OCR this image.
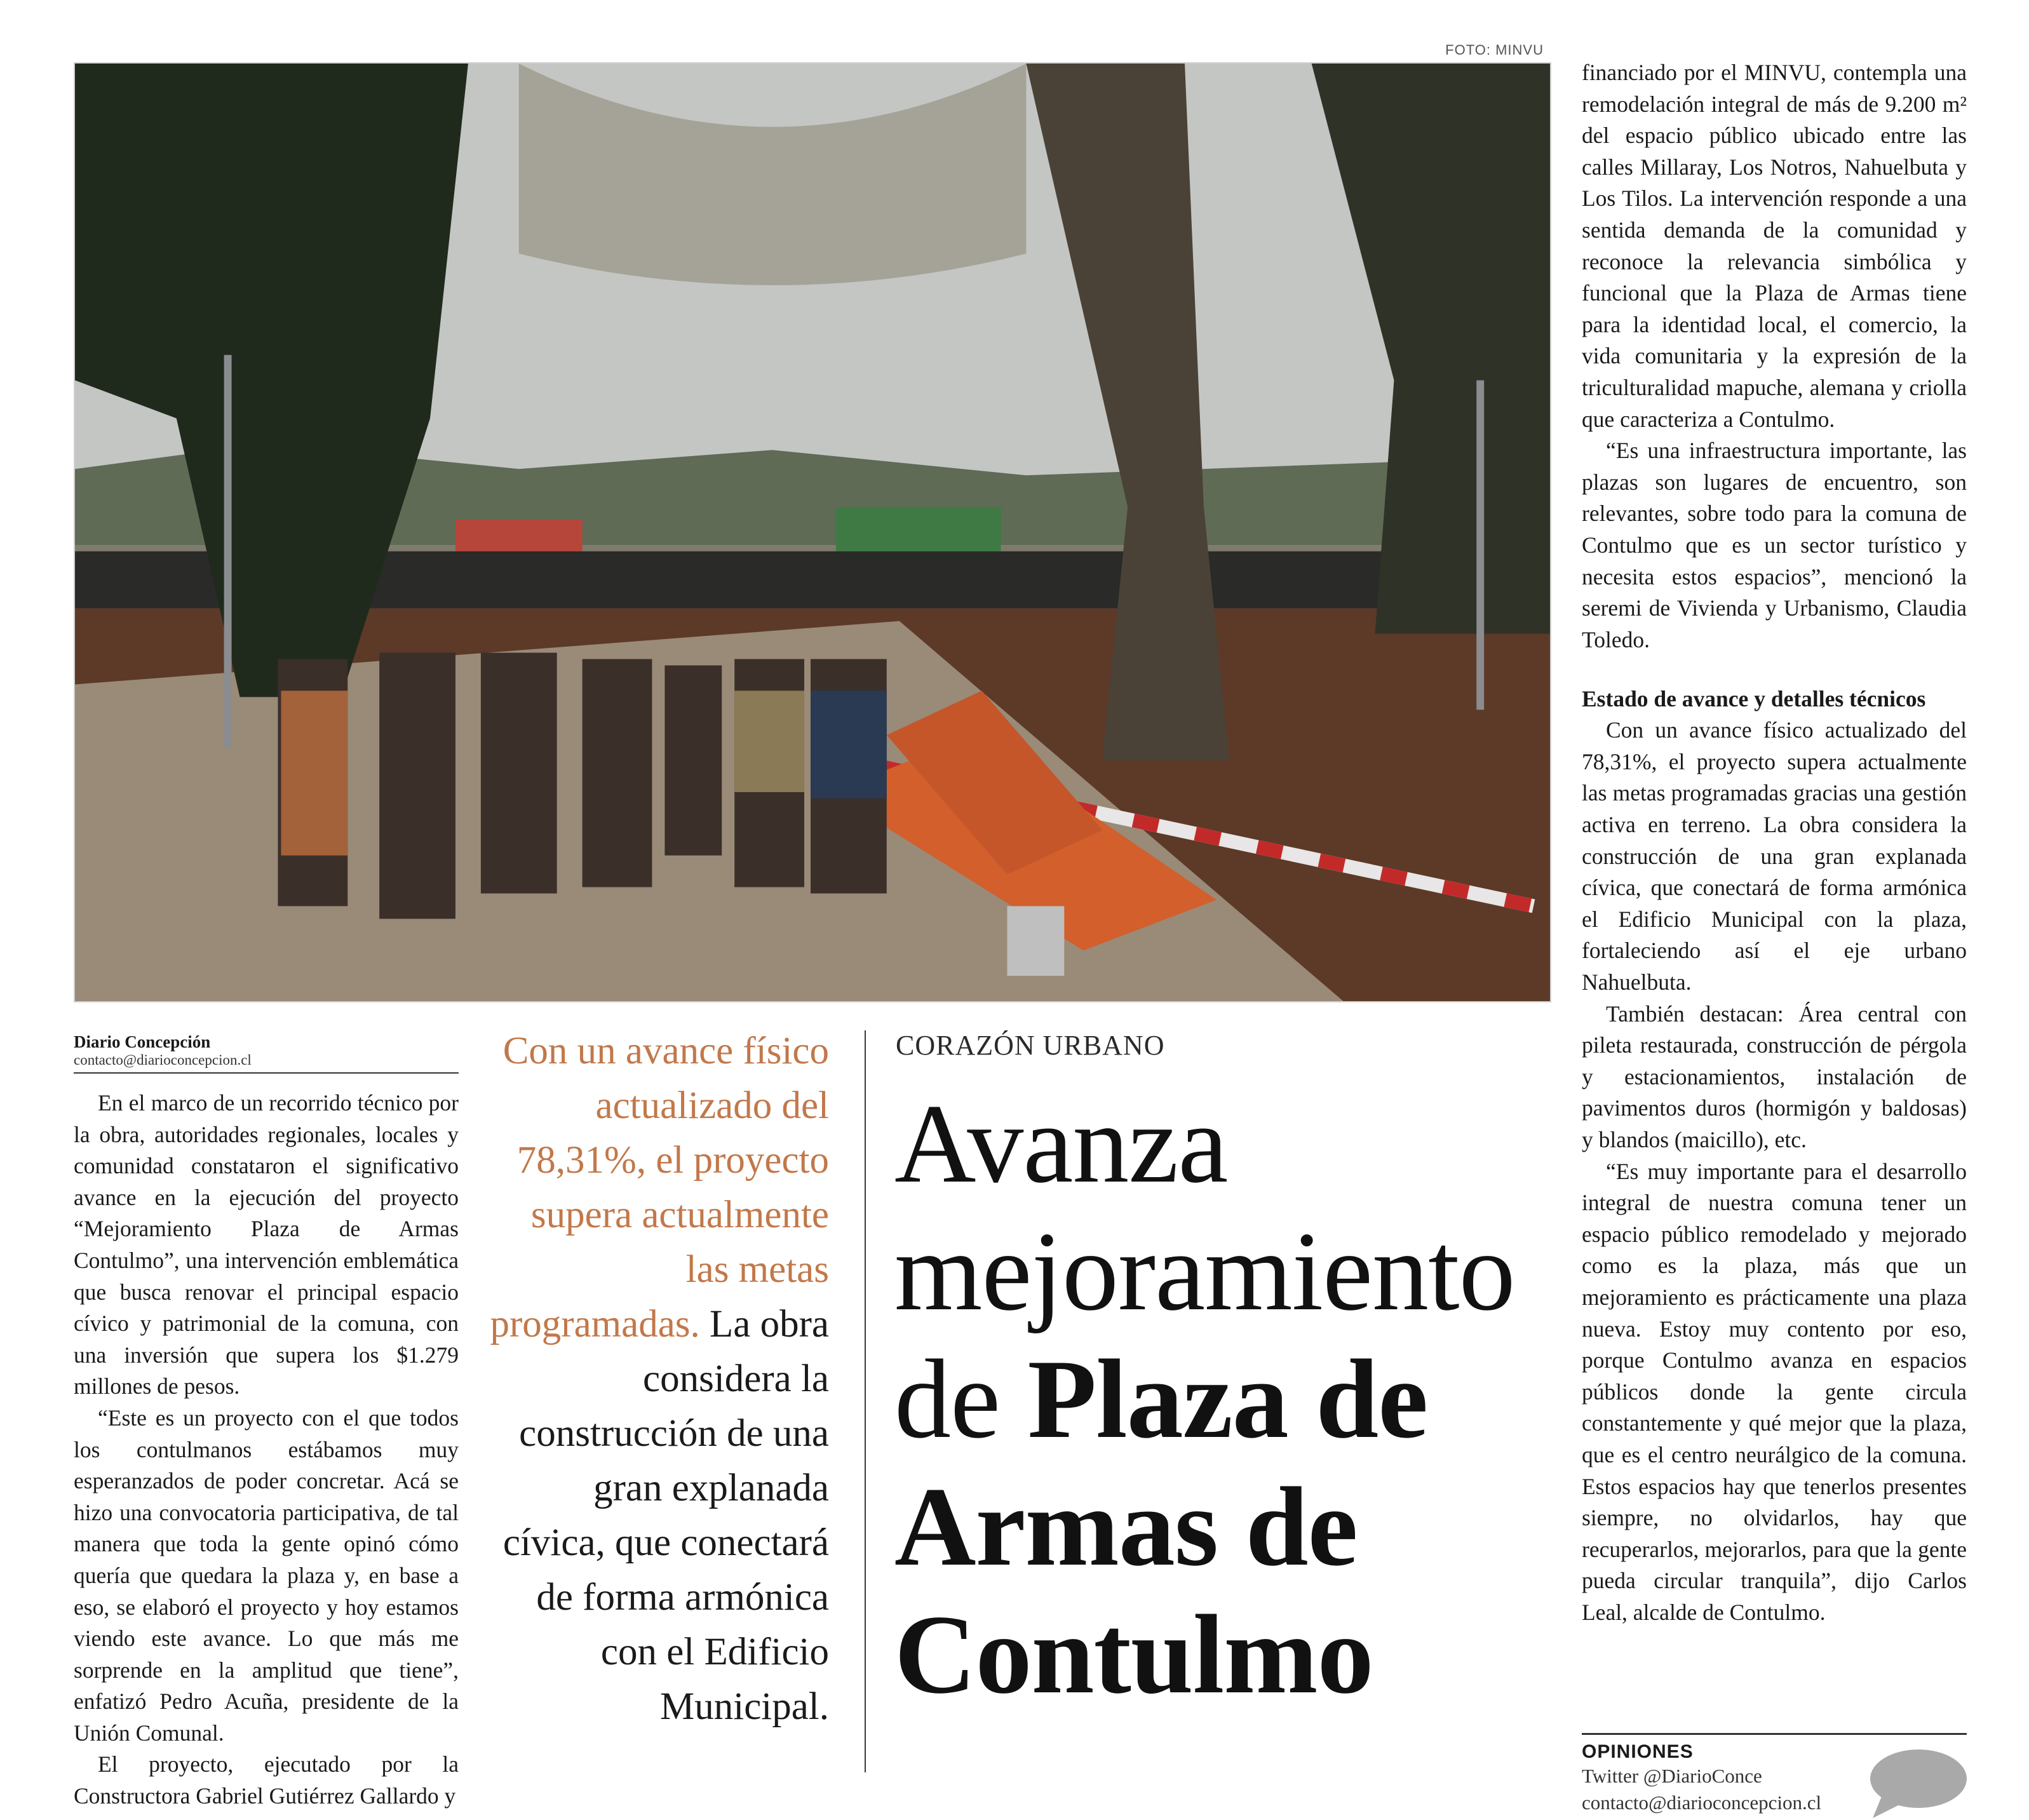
FOTO: MINVU
Diario Concepción
contacto@diarioconcepcion.cl

En el marco de un recorrido técnico por la obra, autoridades regionales, locales y comunidad constataron el significativo avance en la ejecución del proyecto “Mejoramiento Plaza de Armas Contulmo”, una intervención emblemática que busca renovar el principal espacio cívico y patrimonial de la comuna, con una inversión que supera los $1.279 millones de pesos.

“Este es un proyecto con el que todos los contulmanos estábamos muy esperanzados de poder concretar. Acá se hizo una convocatoria participativa, de tal manera que toda la gente opinó cómo quería que quedara la plaza y, en base a eso, se elaboró el proyecto y hoy estamos viendo este avance. Lo que más me sorprende en la amplitud que tiene”, enfatizó Pedro Acuña, presidente de la Unión Comunal.

El proyecto, ejecutado por la Constructora Gabriel Gutiérrez Gallardo y

Con un avance físico actualizado del 78,31%, el proyecto supera actualmente las metas programadas. La obra considera la construcción de una gran explanada cívica, que conectará de forma armónica con el Edificio Municipal.
CORAZÓN URBANO
Avanza mejoramiento de Plaza de Armas de Contulmo

financiado por el MINVU, contempla una remodelación integral de más de 9.200 m² del espacio público ubicado entre las calles Millaray, Los Notros, Nahuelbuta y Los Tilos. La intervención responde a una sentida demanda de la comunidad y reconoce la relevancia simbólica y funcional que la Plaza de Armas tiene para la identidad local, el comercio, la vida comunitaria y la expresión de la triculturalidad mapuche, alemana y criolla que caracteriza a Contulmo.

“Es una infraestructura importante, las plazas son lugares de encuentro, son relevantes, sobre todo para la comuna de Contulmo que es un sector turístico y necesita estos espacios”, mencionó la seremi de Vivienda y Urbanismo, Claudia Toledo.

Estado de avance y detalles técnicos

Con un avance físico actualizado del 78,31%, el proyecto supera actualmente las metas programadas gracias una gestión activa en terreno. La obra considera la construcción de una gran explanada cívica, que conectará de forma armónica el Edificio Municipal con la plaza, fortaleciendo así el eje urbano Nahuelbuta.

También destacan: Área central con pileta restaurada, construcción de pérgola y estacionamientos, instalación de pavimentos duros (hormigón y baldosas) y blandos (maicillo), etc.

“Es muy importante para el desarrollo integral de nuestra comuna tener un espacio público remodelado y mejorado como es la plaza, más que un mejoramiento es prácticamente una plaza nueva. Estoy muy contento por eso, porque Contulmo avanza en espacios públicos donde la gente circula constantemente y qué mejor que la plaza, que es el centro neurálgico de la comuna. Estos espacios hay que tenerlos presentes siempre, no olvidarlos, hay que recuperarlos, mejorarlos, para que la gente pueda circular tranquila”, dijo Carlos Leal, alcalde de Contulmo.

OPINIONES
Twitter @DiarioConce
contacto@diarioconcepcion.cl
